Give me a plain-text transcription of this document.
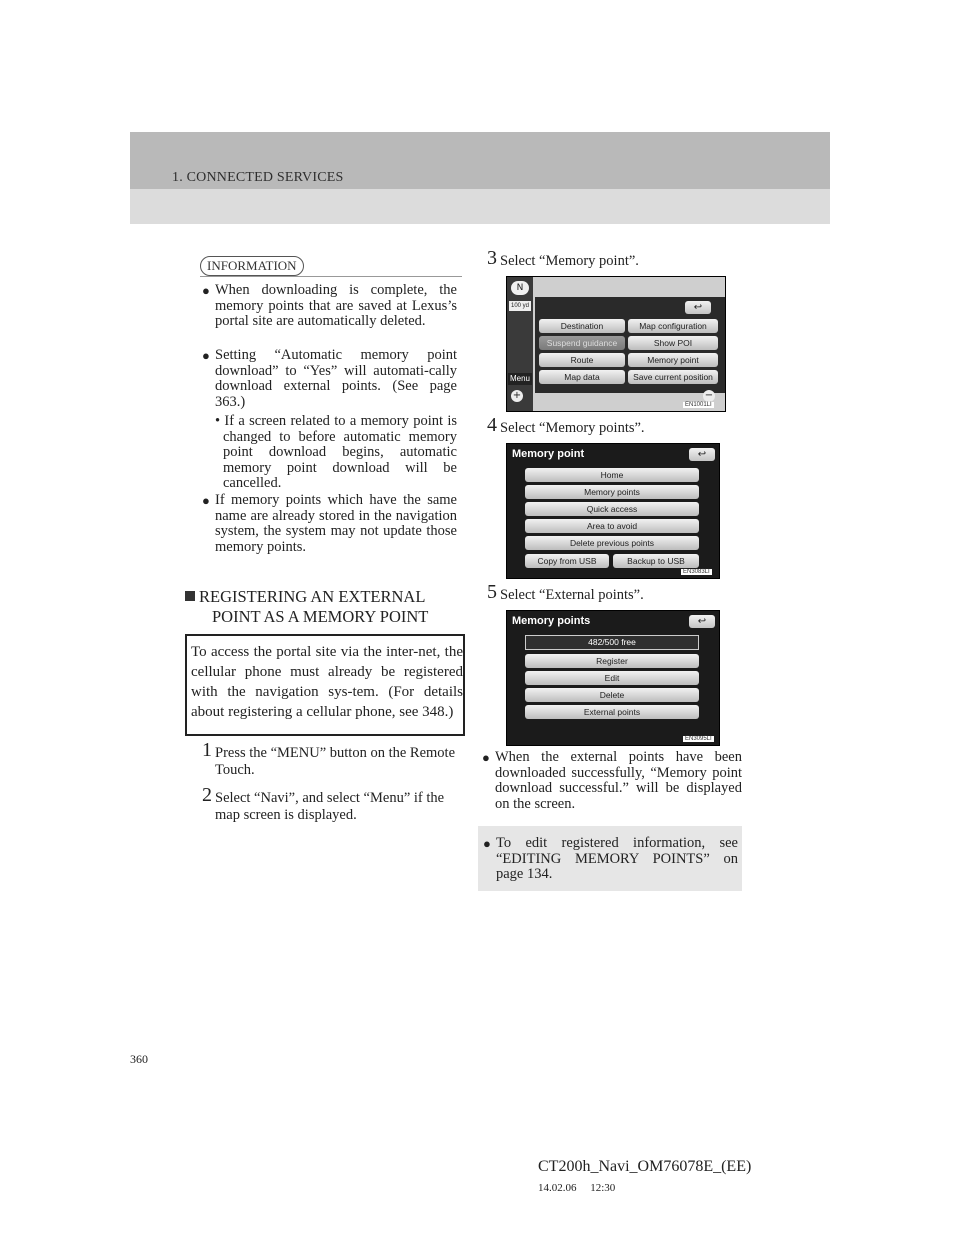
1. CONNECTED SERVICES
INFORMATION
● When downloading is complete, the memory points that are saved at Lexus’s portal site are automatically deleted.
● Setting “Automatic memory point download” to “Yes” will automati-cally download external points. (See page 363.)
• If a screen related to a memory point is changed to before automatic memory point download begins, automatic memory point download will be cancelled.
● If memory points which have the same name are already stored in the navigation system, the system may not update those memory points.
REGISTERING AN EXTERNAL
POINT AS A MEMORY POINT
To access the portal site via the inter-net, the cellular phone must already be registered with the navigation sys-tem. (For details about registering a cellular phone, see 348.)
1 Press the “MENU” button on the Remote Touch.
2 Select “Navi”, and select “Menu” if the map screen is displayed.
3 Select “Memory point”.
N
100 yd	↩
Destination	Map configuration
Suspend guidance	Show POI
Route	Memory point
Map data	Save current position
Menu
+	−
EN1001LI
4 Select “Memory points”.
Memory point	↩
Home
Memory points
Quick access
Area to avoid
Delete previous points
Copy from USB	Backup to USB
EN3083LI
5 Select “External points”.
Memory points	↩
482/500 free
Register
Edit
Delete
External points
EN3095LI
● When the external points have been downloaded successfully, “Memory point download successful.” will be displayed on the screen.
● To edit registered information, see “EDITING MEMORY POINTS” on page 134.
360
CT200h_Navi_OM76078E_(EE)
14.02.06     12:30
